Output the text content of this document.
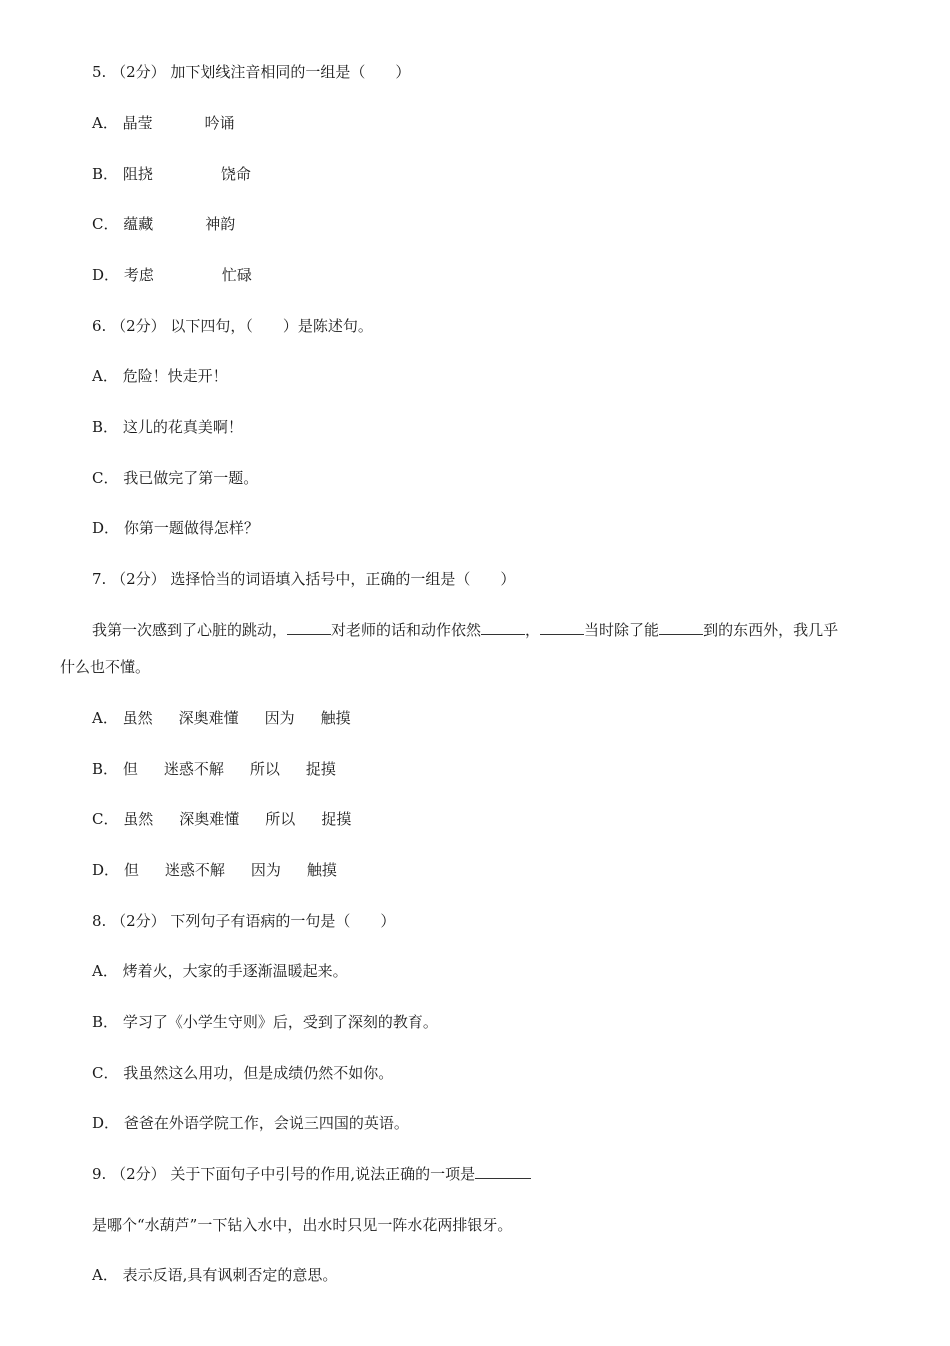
5. （2分） 加下划线注音相同的一组是（　　）
A． 晶莹	吟诵
B． 阻挠	饶命
C． 蕴藏	神韵
D． 考虑	忙碌
6. （2分） 以下四句，（　　）是陈述句。
A． 危险！快走开！
B． 这儿的花真美啊！
C． 我已做完了第一题。
D． 你第一题做得怎样？
7. （2分） 选择恰当的词语填入括号中，正确的一组是（　　）
我第一次感到了心脏的跳动，	对老师的话和动作依然	，	当时除了能	到的东西外，我几乎
什么也不懂。
A． 虽然 深奥难懂 因为 触摸
B． 但 迷惑不解 所以 捉摸
C． 虽然 深奥难懂 所以 捉摸
D． 但 迷惑不解 因为 触摸
8. （2分） 下列句子有语病的一句是（　　）
A． 烤着火，大家的手逐渐温暖起来。
B． 学习了《小学生守则》后，受到了深刻的教育。
C． 我虽然这么用功，但是成绩仍然不如你。
D． 爸爸在外语学院工作，会说三四国的英语。
9. （2分） 关于下面句子中引号的作用,说法正确的一项是
是哪个“水葫芦”一下钻入水中，出水时只见一阵水花两排银牙。
A． 表示反语,具有讽刺否定的意思。
